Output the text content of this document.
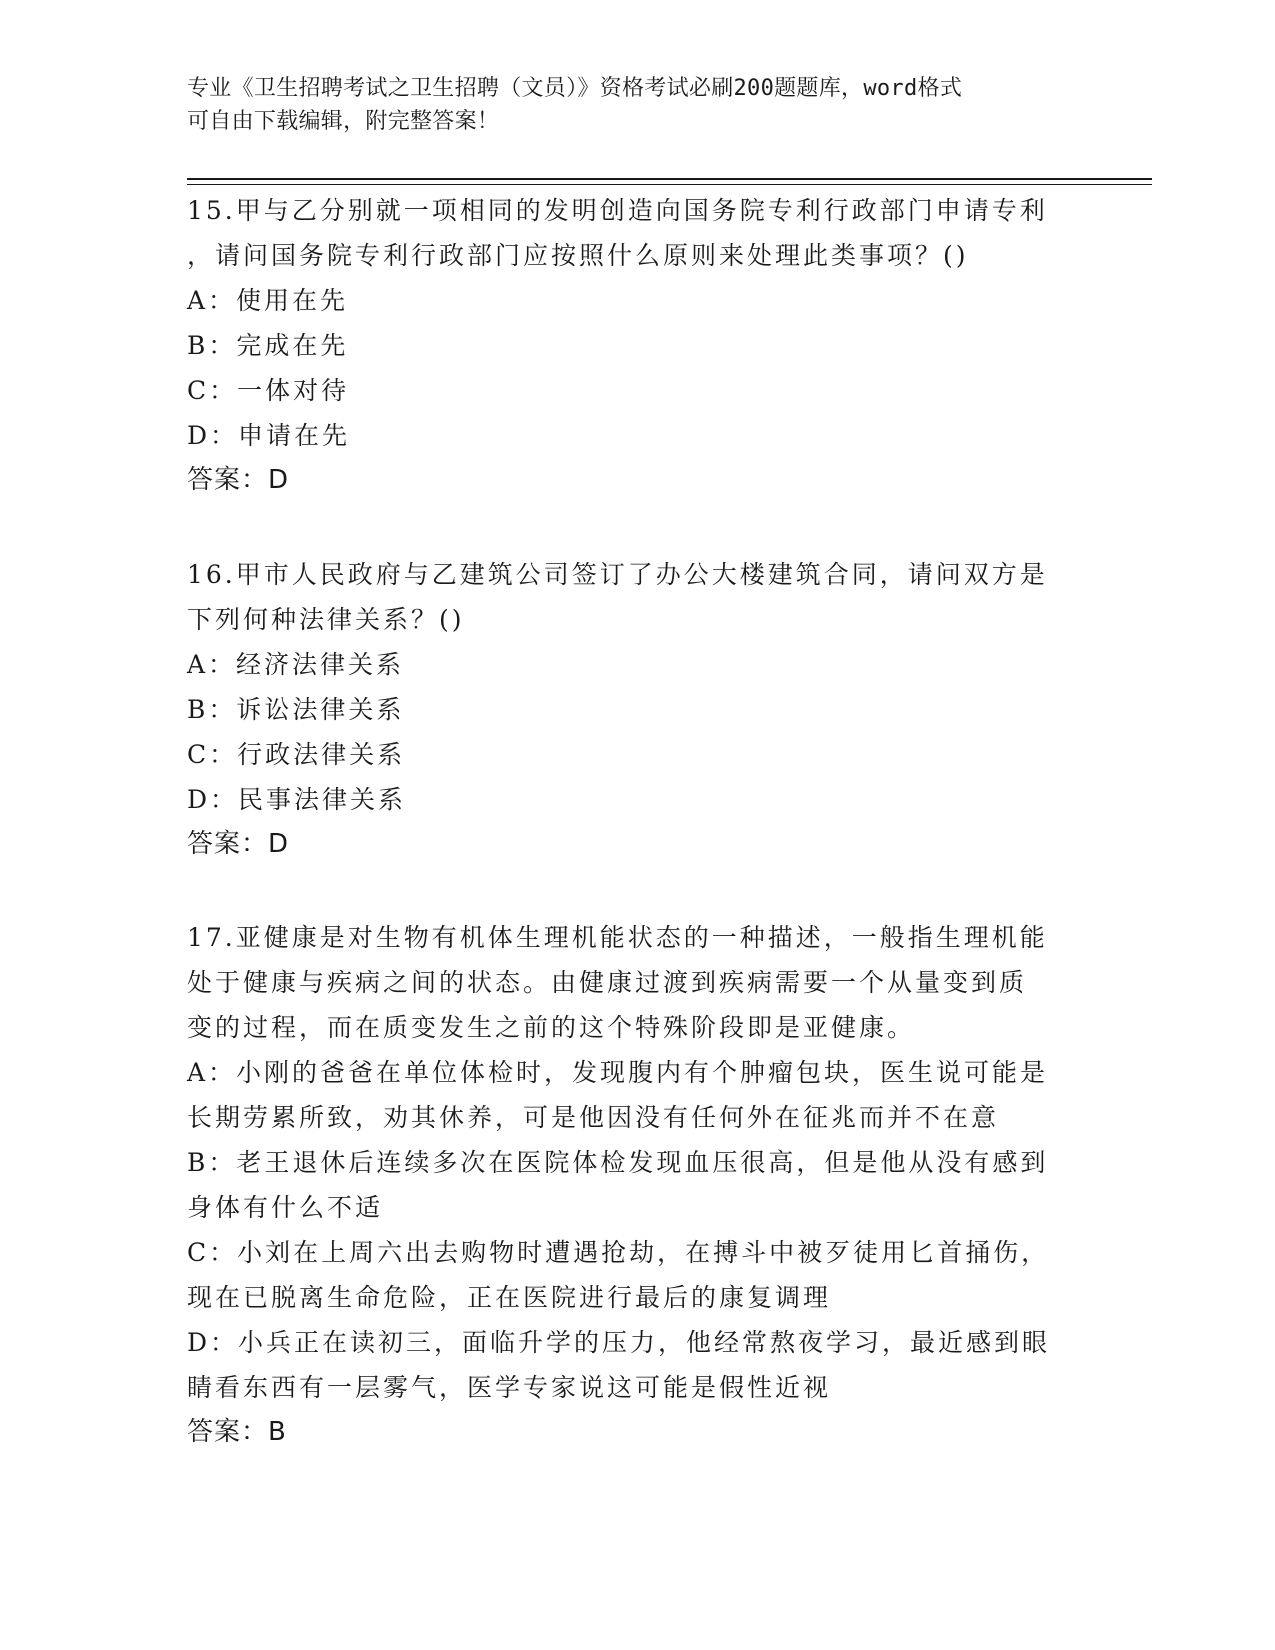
专业《卫生招聘考试之卫生招聘（文员）》资格考试必刷200题题库，word格式
可自由下载编辑，附完整答案！
15.甲与乙分别就一项相同的发明创造向国务院专利行政部门申请专利
，请问国务院专利行政部门应按照什么原则来处理此类事项？()
A：使用在先
B：完成在先
C：一体对待
D：申请在先
答案：D
16.甲市人民政府与乙建筑公司签订了办公大楼建筑合同，请问双方是
下列何种法律关系？()
A：经济法律关系
B：诉讼法律关系
C：行政法律关系
D：民事法律关系
答案：D
17.亚健康是对生物有机体生理机能状态的一种描述，一般指生理机能
处于健康与疾病之间的状态。由健康过渡到疾病需要一个从量变到质
变的过程，而在质变发生之前的这个特殊阶段即是亚健康。
A：小刚的爸爸在单位体检时，发现腹内有个肿瘤包块，医生说可能是
长期劳累所致，劝其休养，可是他因没有任何外在征兆而并不在意
B：老王退休后连续多次在医院体检发现血压很高，但是他从没有感到
身体有什么不适
C：小刘在上周六出去购物时遭遇抢劫，在搏斗中被歹徒用匕首捅伤，
现在已脱离生命危险，正在医院进行最后的康复调理
D：小兵正在读初三，面临升学的压力，他经常熬夜学习，最近感到眼
睛看东西有一层雾气，医学专家说这可能是假性近视
答案：B
